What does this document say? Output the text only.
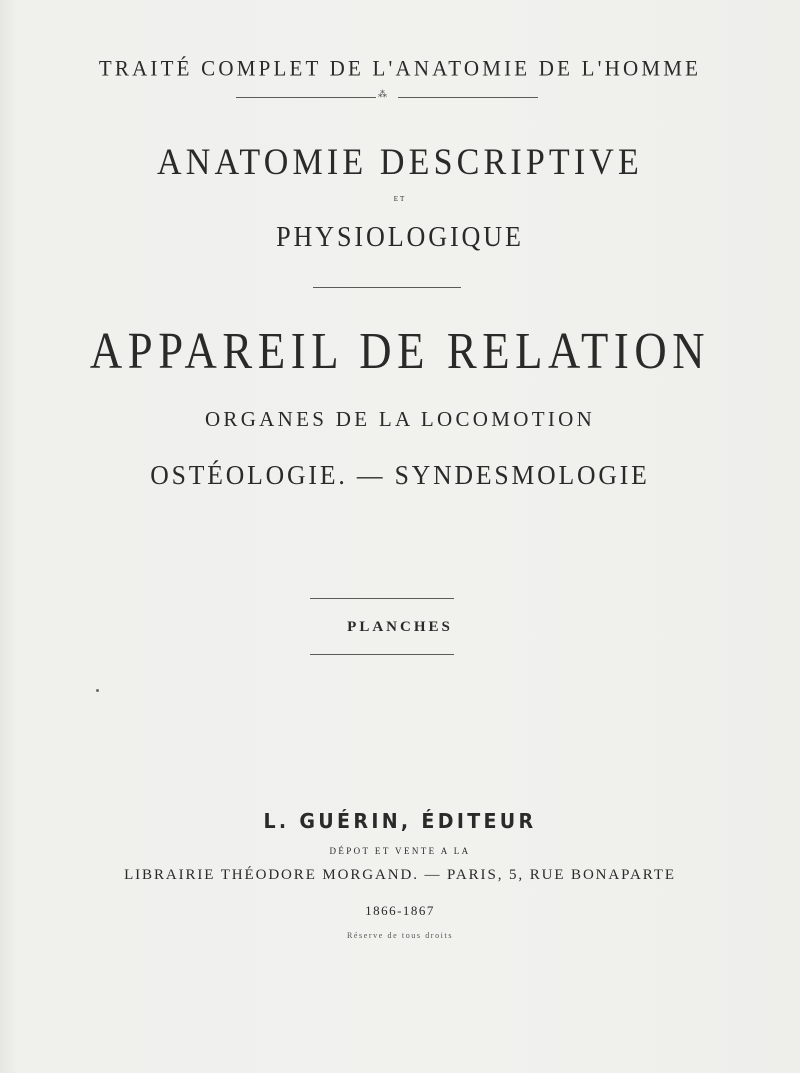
TRAITÉ COMPLET DE L'ANATOMIE DE L'HOMME
⁂
ANATOMIE DESCRIPTIVE
ET
PHYSIOLOGIQUE
APPAREIL DE RELATION
ORGANES DE LA LOCOMOTION
OSTÉOLOGIE. — SYNDESMOLOGIE
PLANCHES
L. GUÉRIN, ÉDITEUR
DÉPOT ET VENTE A LA
LIBRAIRIE THÉODORE MORGAND. — PARIS, 5, RUE BONAPARTE
1866-1867
Réserve de tous droits
